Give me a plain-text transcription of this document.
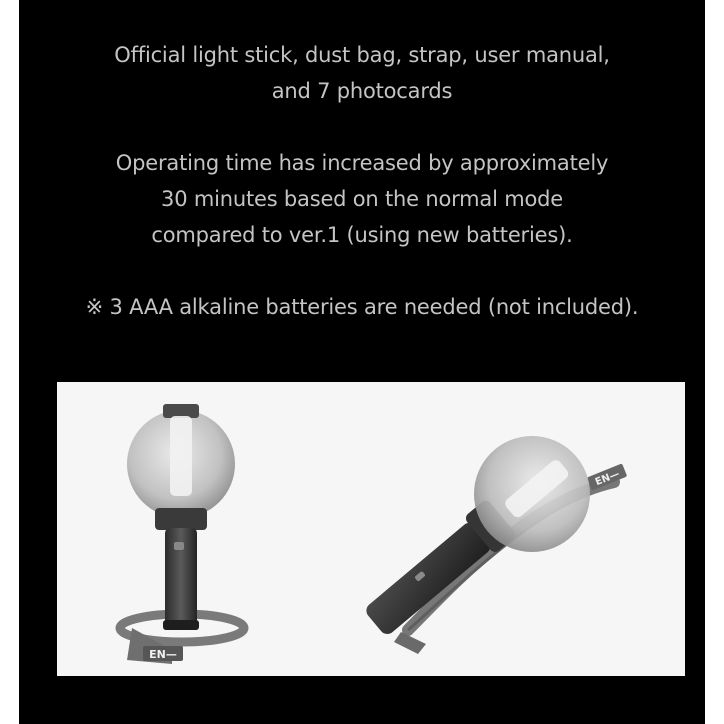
Official light stick, dust bag, strap, user manual,
and 7 photocards
Operating time has increased by approximately
30 minutes based on the normal mode
compared to ver.1 (using new batteries).
※ 3 AAA alkaline batteries are needed (not included).
EN—
EN—
